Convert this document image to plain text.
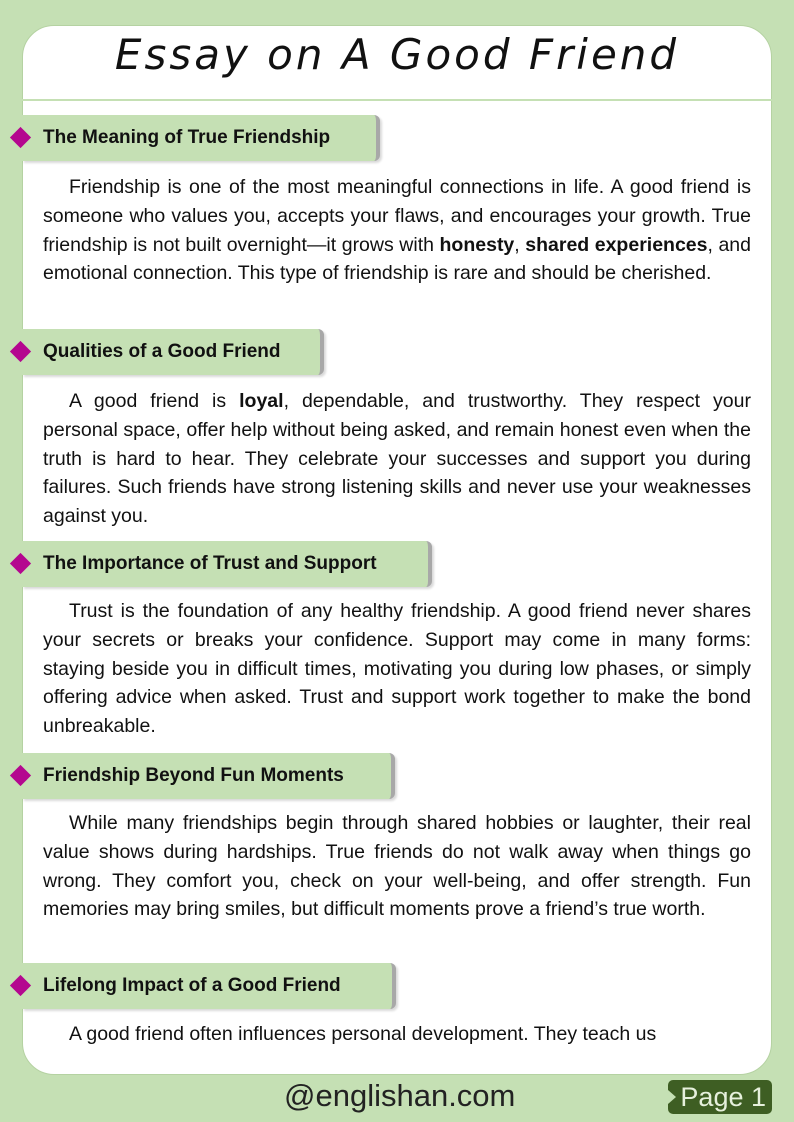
Essay on A Good Friend
The Meaning of True Friendship
Friendship is one of the most meaningful connections in life. A good friend is someone who values you, accepts your flaws, and encourages your growth. True friendship is not built overnight—it grows with honesty, shared experiences, and emotional connection. This type of friendship is rare and should be cherished.
Qualities of a Good Friend
A good friend is loyal, dependable, and trustworthy. They respect your personal space, offer help without being asked, and remain honest even when the truth is hard to hear. They celebrate your successes and support you during failures. Such friends have strong listening skills and never use your weaknesses against you.
The Importance of Trust and Support
Trust is the foundation of any healthy friendship. A good friend never shares your secrets or breaks your confidence. Support may come in many forms: staying beside you in difficult times, motivating you during low phases, or simply offering advice when asked. Trust and support work together to make the bond unbreakable.
Friendship Beyond Fun Moments
While many friendships begin through shared hobbies or laughter, their real value shows during hardships. True friends do not walk away when things go wrong. They comfort you, check on your well-being, and offer strength. Fun memories may bring smiles, but difficult moments prove a friend’s true worth.
Lifelong Impact of a Good Friend
A good friend often influences personal development. They teach us
@englishan.com	Page 1
